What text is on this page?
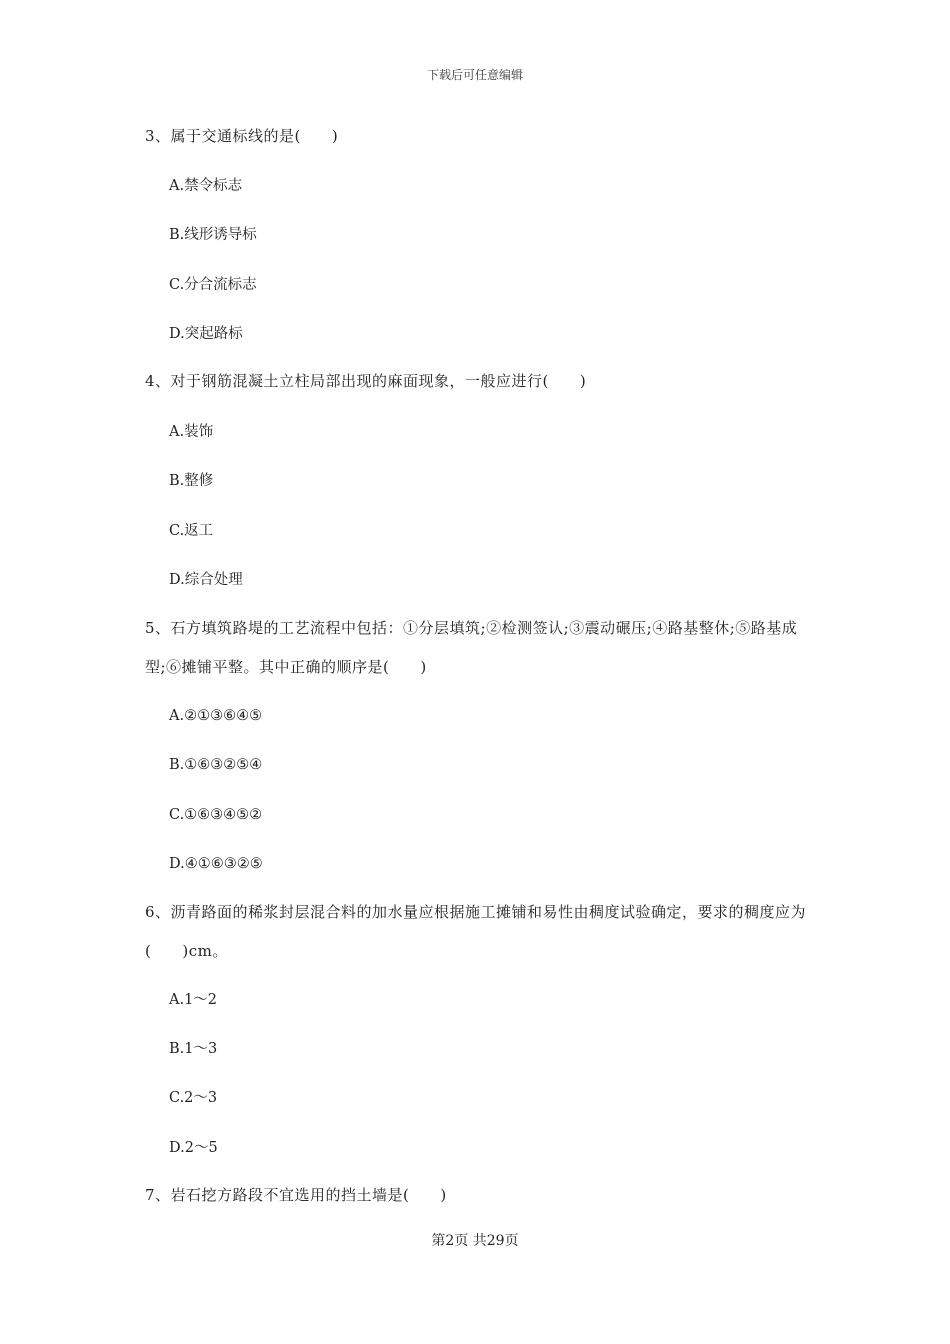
下载后可任意编辑
3、属于交通标线的是(　　)
A.禁令标志
B.线形诱导标
C.分合流标志
D.突起路标
4、对于钢筋混凝土立柱局部出现的麻面现象，一般应进行(　　)
A.装饰
B.整修
C.返工
D.综合处理
5、石方填筑路堤的工艺流程中包括：①分层填筑;②检测签认;③震动碾压;④路基整休;⑤路基成型;⑥摊铺平整。其中正确的顺序是(　　)
A.②①③⑥④⑤
B.①⑥③②⑤④
C.①⑥③④⑤②
D.④①⑥③②⑤
6、沥青路面的稀浆封层混合料的加水量应根据施工摊铺和易性由稠度试验确定，要求的稠度应为(　　)cm。
A.1～2
B.1～3
C.2～3
D.2～5
7、岩石挖方路段不宜选用的挡土墙是(　　)
第2页 共29页
